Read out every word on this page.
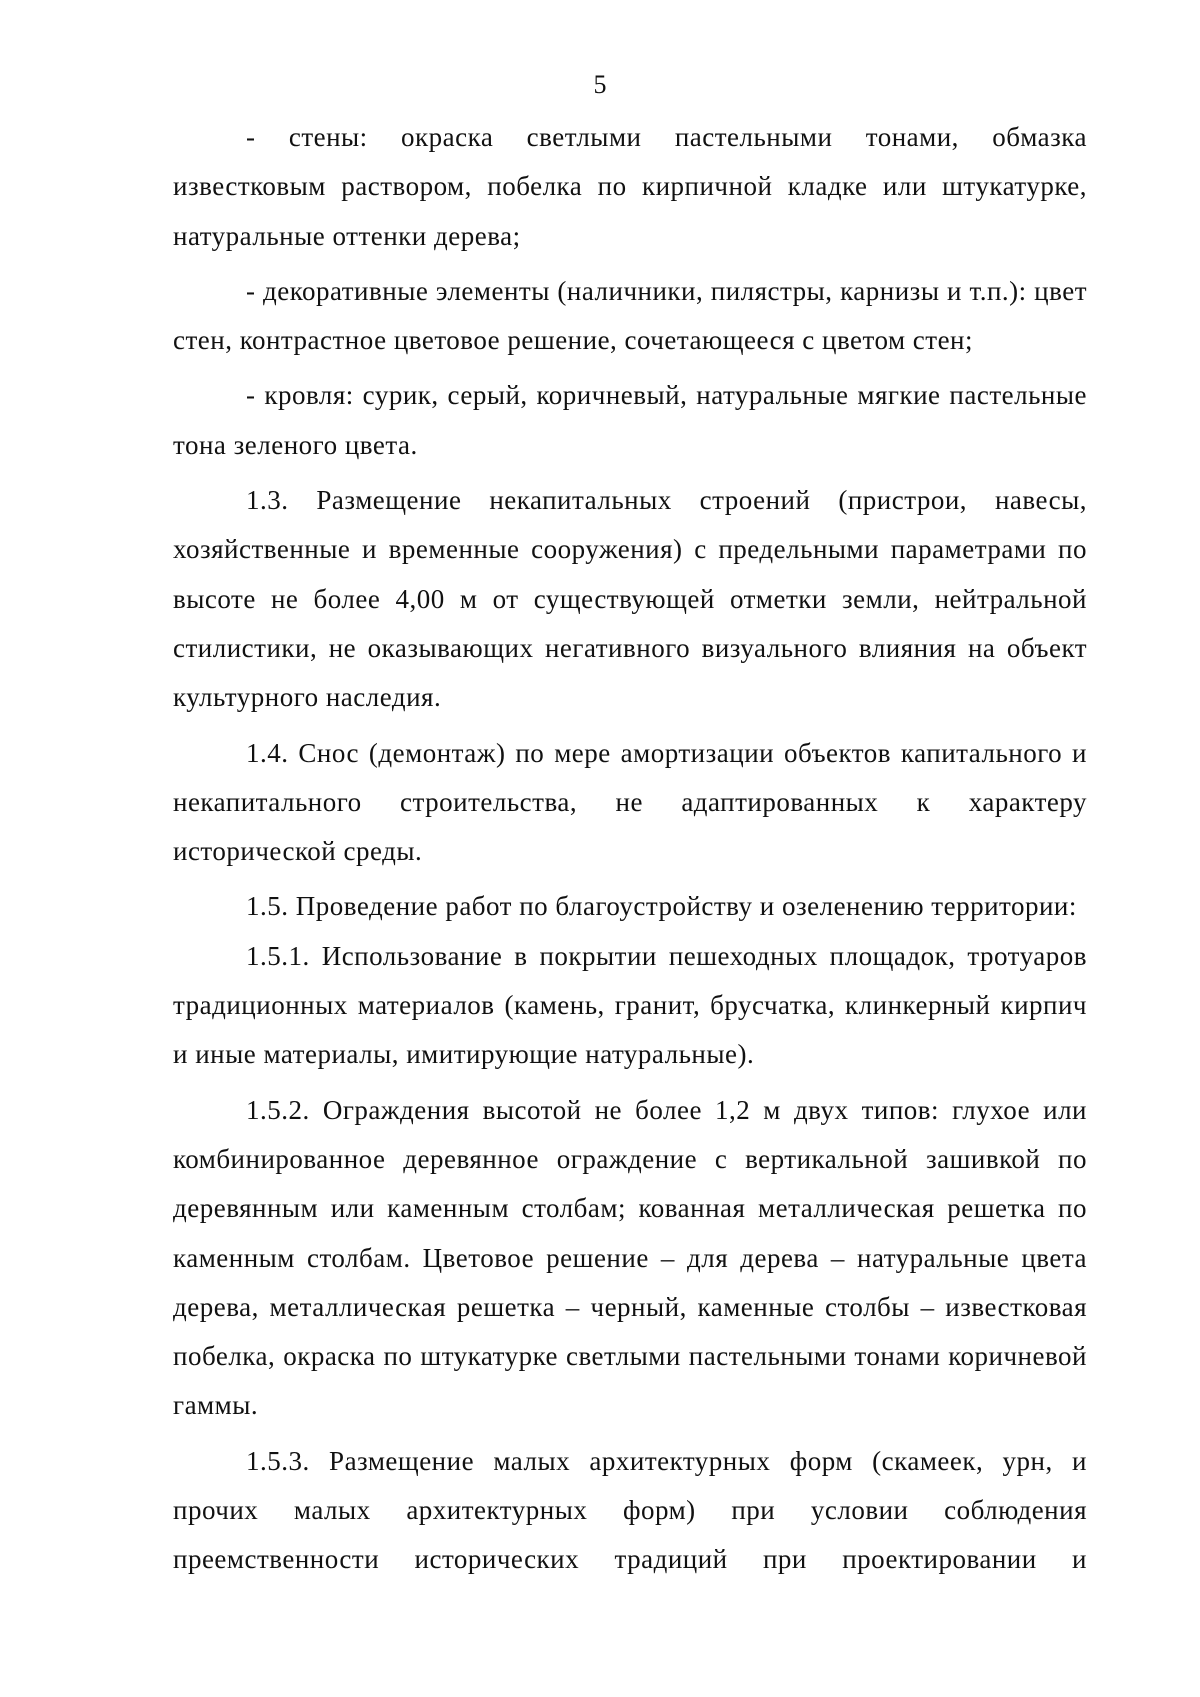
5

- стены: окраска светлыми пастельными тонами, обмазка известковым раствором, побелка по кирпичной кладке или штукатурке, натуральные оттенки дерева;

- декоративные элементы (наличники, пилястры, карнизы и т.п.): цвет стен, контрастное цветовое решение, сочетающееся с цветом стен;

- кровля: сурик, серый, коричневый, натуральные мягкие пастельные тона зеленого цвета.

1.3. Размещение некапитальных строений (пристрои, навесы, хозяйственные и временные сооружения) с предельными параметрами по высоте не более 4,00 м от существующей отметки земли, нейтральной стилистики, не оказывающих негативного визуального влияния на объект культурного наследия.

1.4. Снос (демонтаж) по мере амортизации объектов капитального и некапитального строительства, не адаптированных к характеру исторической среды.

1.5. Проведение работ по благоустройству и озеленению территории:

1.5.1. Использование в покрытии пешеходных площадок, тротуаров традиционных материалов (камень, гранит, брусчатка, клинкерный кирпич и иные материалы, имитирующие натуральные).

1.5.2. Ограждения высотой не более 1,2 м двух типов: глухое или комбинированное деревянное ограждение с вертикальной зашивкой по деревянным или каменным столбам; кованная металлическая решетка по каменным столбам. Цветовое решение – для дерева – натуральные цвета дерева, металлическая решетка – черный, каменные столбы – известковая побелка, окраска по штукатурке светлыми пастельными тонами коричневой гаммы.

1.5.3. Размещение малых архитектурных форм (скамеек, урн, и прочих малых архитектурных форм) при условии соблюдения преемственности исторических традиций при проектировании и
